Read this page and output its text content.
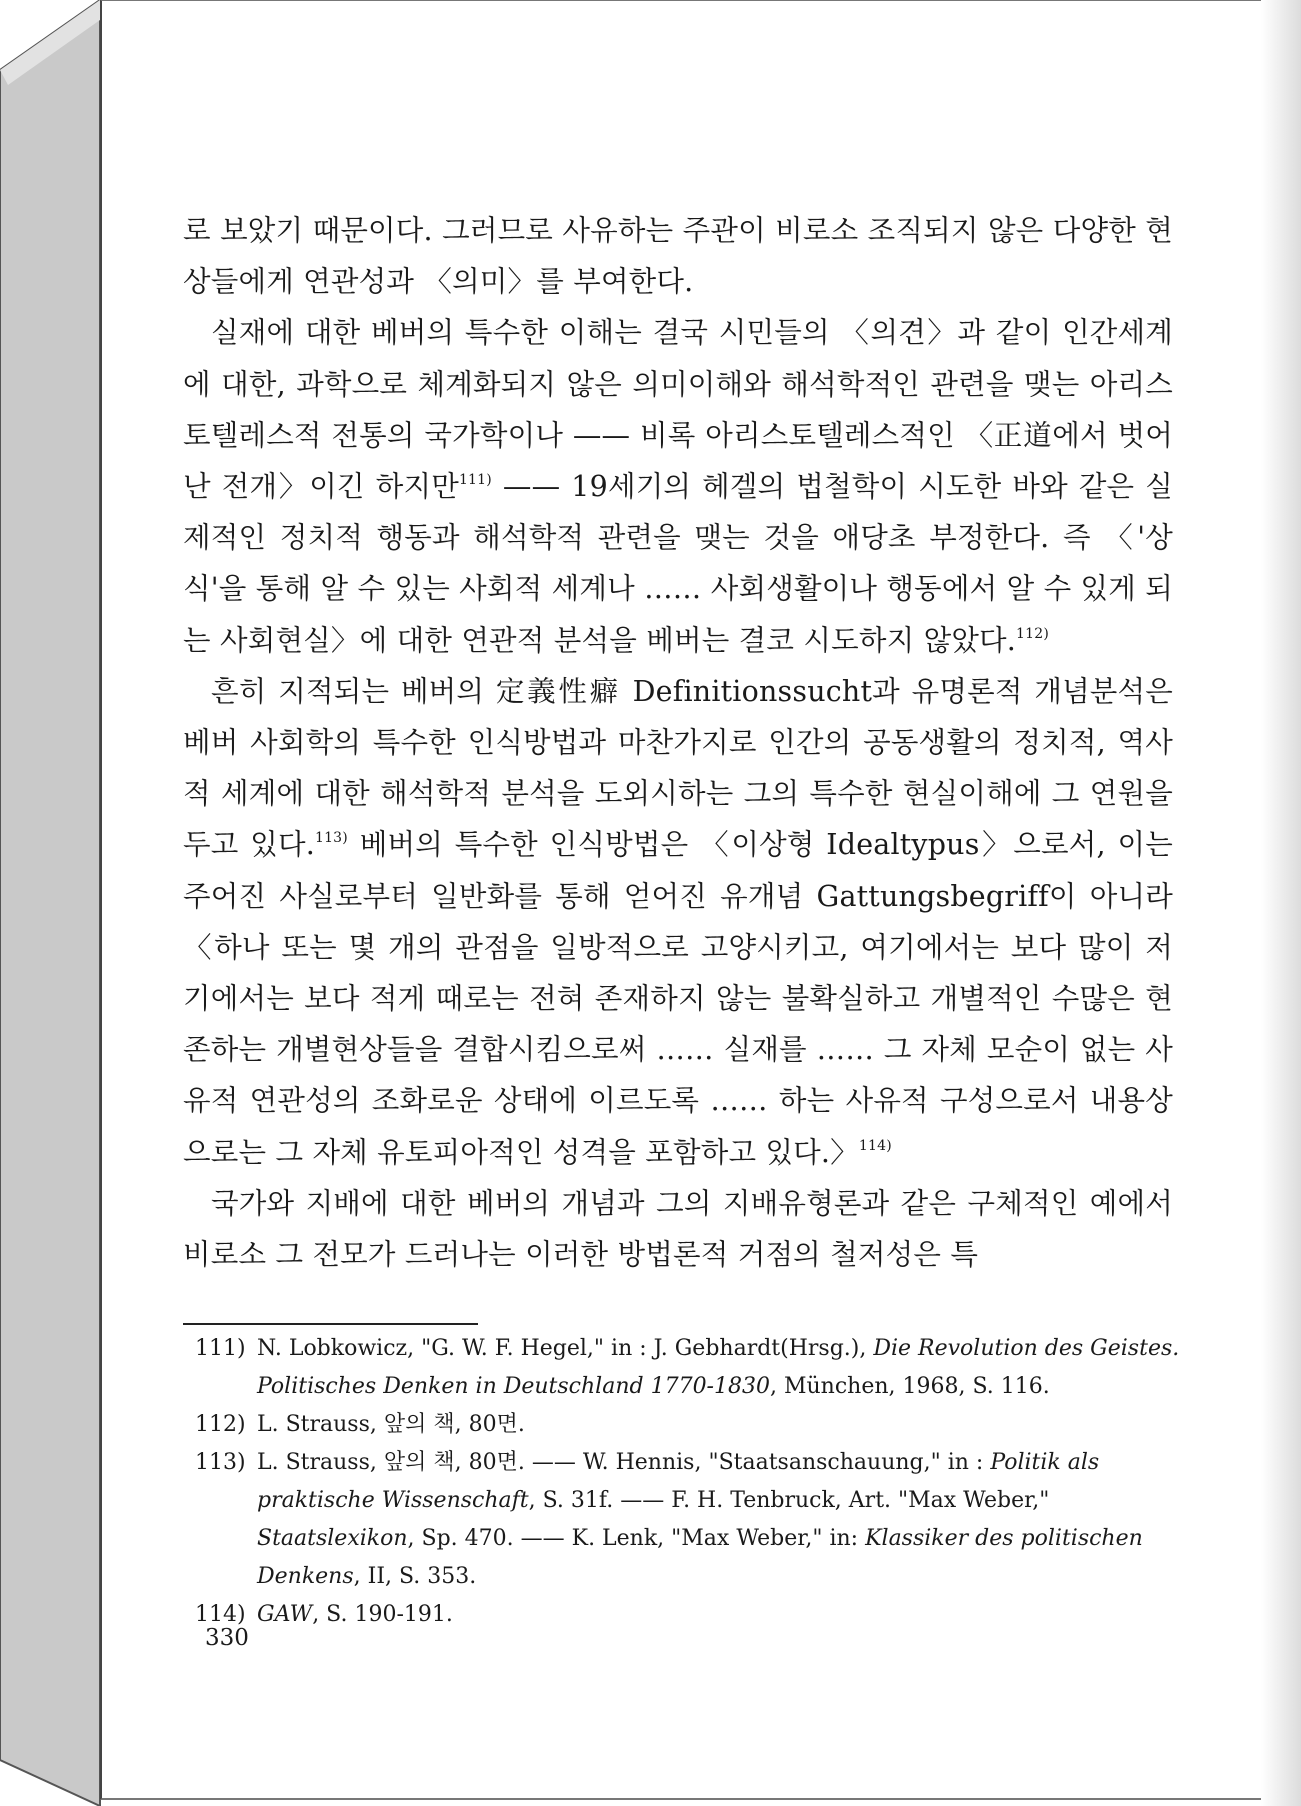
로 보았기 때문이다. 그러므로 사유하는 주관이 비로소 조직되지 않은 다양한 현상들에게 연관성과 〈의미〉를 부여한다.

실재에 대한 베버의 특수한 이해는 결국 시민들의 〈의견〉과 같이 인간세계에 대한, 과학으로 체계화되지 않은 의미이해와 해석학적인 관련을 맺는 아리스토텔레스적 전통의 국가학이나 —— 비록 아리스토텔레스적인 〈正道에서 벗어난 전개〉이긴 하지만$^{111)}$ —— 19세기의 헤겔의 법철학이 시도한 바와 같은 실제적인 정치적 행동과 해석학적 관련을 맺는 것을 애당초 부정한다. 즉 〈'상식'을 통해 알 수 있는 사회적 세계나 …… 사회생활이나 행동에서 알 수 있게 되는 사회현실〉에 대한 연관적 분석을 베버는 결코 시도하지 않았다.$^{112)}$

흔히 지적되는 베버의 定義性癖 Definitionssucht과 유명론적 개념분석은 베버 사회학의 특수한 인식방법과 마찬가지로 인간의 공동생활의 정치적, 역사적 세계에 대한 해석학적 분석을 도외시하는 그의 특수한 현실이해에 그 연원을 두고 있다.$^{113)}$ 베버의 특수한 인식방법은 〈이상형 Idealtypus〉으로서, 이는 주어진 사실로부터 일반화를 통해 얻어진 유개념 Gattungsbegriff이 아니라 〈하나 또는 몇 개의 관점을 일방적으로 고양시키고, 여기에서는 보다 많이 저기에서는 보다 적게 때로는 전혀 존재하지 않는 불확실하고 개별적인 수많은 현존하는 개별현상들을 결합시킴으로써 …… 실재를 …… 그 자체 모순이 없는 사유적 연관성의 조화로운 상태에 이르도록 …… 하는 사유적 구성으로서 내용상으로는 그 자체 유토피아적인 성격을 포함하고 있다.〉$^{114)}$

국가와 지배에 대한 베버의 개념과 그의 지배유형론과 같은 구체적인 예에서 비로소 그 전모가 드러나는 이러한 방법론적 거점의 철저성은 특

111) N. Lobkowicz, "G. W. F. Hegel," in : J. Gebhardt(Hrsg.), Die Revolution des Geistes. Politisches Denken in Deutschland 1770-1830, München, 1968, S. 116.

112) L. Strauss, 앞의 책, 80면.

113) L. Strauss, 앞의 책, 80면. —— W. Hennis, "Staatsanschauung," in : Politik als praktische Wissenschaft, S. 31f. —— F. H. Tenbruck, Art. "Max Weber," Staatslexikon, Sp. 470. —— K. Lenk, "Max Weber," in: Klassiker des politischen Denkens, II, S. 353.

114) GAW, S. 190-191.

330
